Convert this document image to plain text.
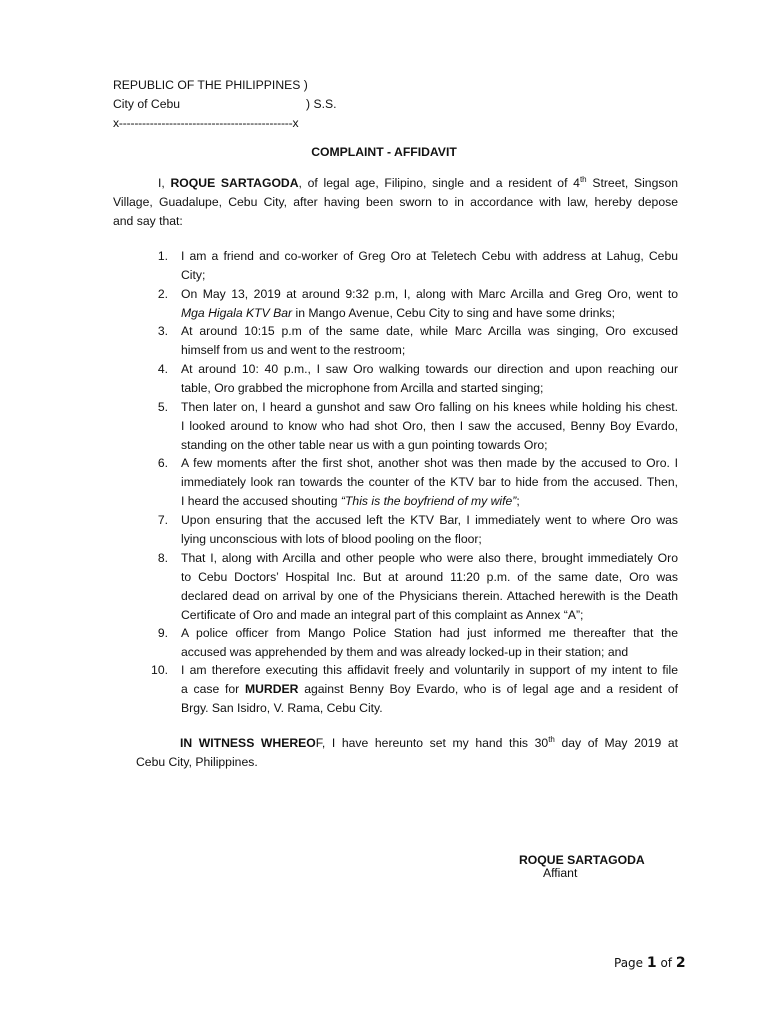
REPUBLIC OF THE PHILIPPINES )
City of Cebu	) S.S.
x---------------------------------------------x
COMPLAINT - AFFIDAVIT
I, ROQUE SARTAGODA, of legal age, Filipino, single and a resident of 4th Street, Singson
Village, Guadalupe, Cebu City, after having been sworn to in accordance with law, hereby depose
and say that:
1. I am a friend and co-worker of Greg Oro at Teletech Cebu with address at Lahug, Cebu
City;
2. On May 13, 2019 at around 9:32 p.m, I, along with Marc Arcilla and Greg Oro, went to
Mga Higala KTV Bar in Mango Avenue, Cebu City to sing and have some drinks;
3. At around 10:15 p.m of the same date, while Marc Arcilla was singing, Oro excused
himself from us and went to the restroom;
4. At around 10: 40 p.m., I saw Oro walking towards our direction and upon reaching our
table, Oro grabbed the microphone from Arcilla and started singing;
5. Then later on, I heard a gunshot and saw Oro falling on his knees while holding his chest.
I looked around to know who had shot Oro, then I saw the accused, Benny Boy Evardo,
standing on the other table near us with a gun pointing towards Oro;
6. A few moments after the first shot, another shot was then made by the accused to Oro. I
immediately look ran towards the counter of the KTV bar to hide from the accused. Then,
I heard the accused shouting “This is the boyfriend of my wife”;
7. Upon ensuring that the accused left the KTV Bar, I immediately went to where Oro was
lying unconscious with lots of blood pooling on the floor;
8. That I, along with Arcilla and other people who were also there, brought immediately Oro
to Cebu Doctors’ Hospital Inc. But at around 11:20 p.m. of the same date, Oro was
declared dead on arrival by one of the Physicians therein. Attached herewith is the Death
Certificate of Oro and made an integral part of this complaint as Annex “A”;
9. A police officer from Mango Police Station had just informed me thereafter that the
accused was apprehended by them and was already locked-up in their station; and
10. I am therefore executing this affidavit freely and voluntarily in support of my intent to file
a case for MURDER against Benny Boy Evardo, who is of legal age and a resident of
Brgy. San Isidro, V. Rama, Cebu City.
IN WITNESS WHEREOF, I have hereunto set my hand this 30th day of May 2019 at
Cebu City, Philippines.
ROQUE SARTAGODA
Affiant
Page 1 of 2
